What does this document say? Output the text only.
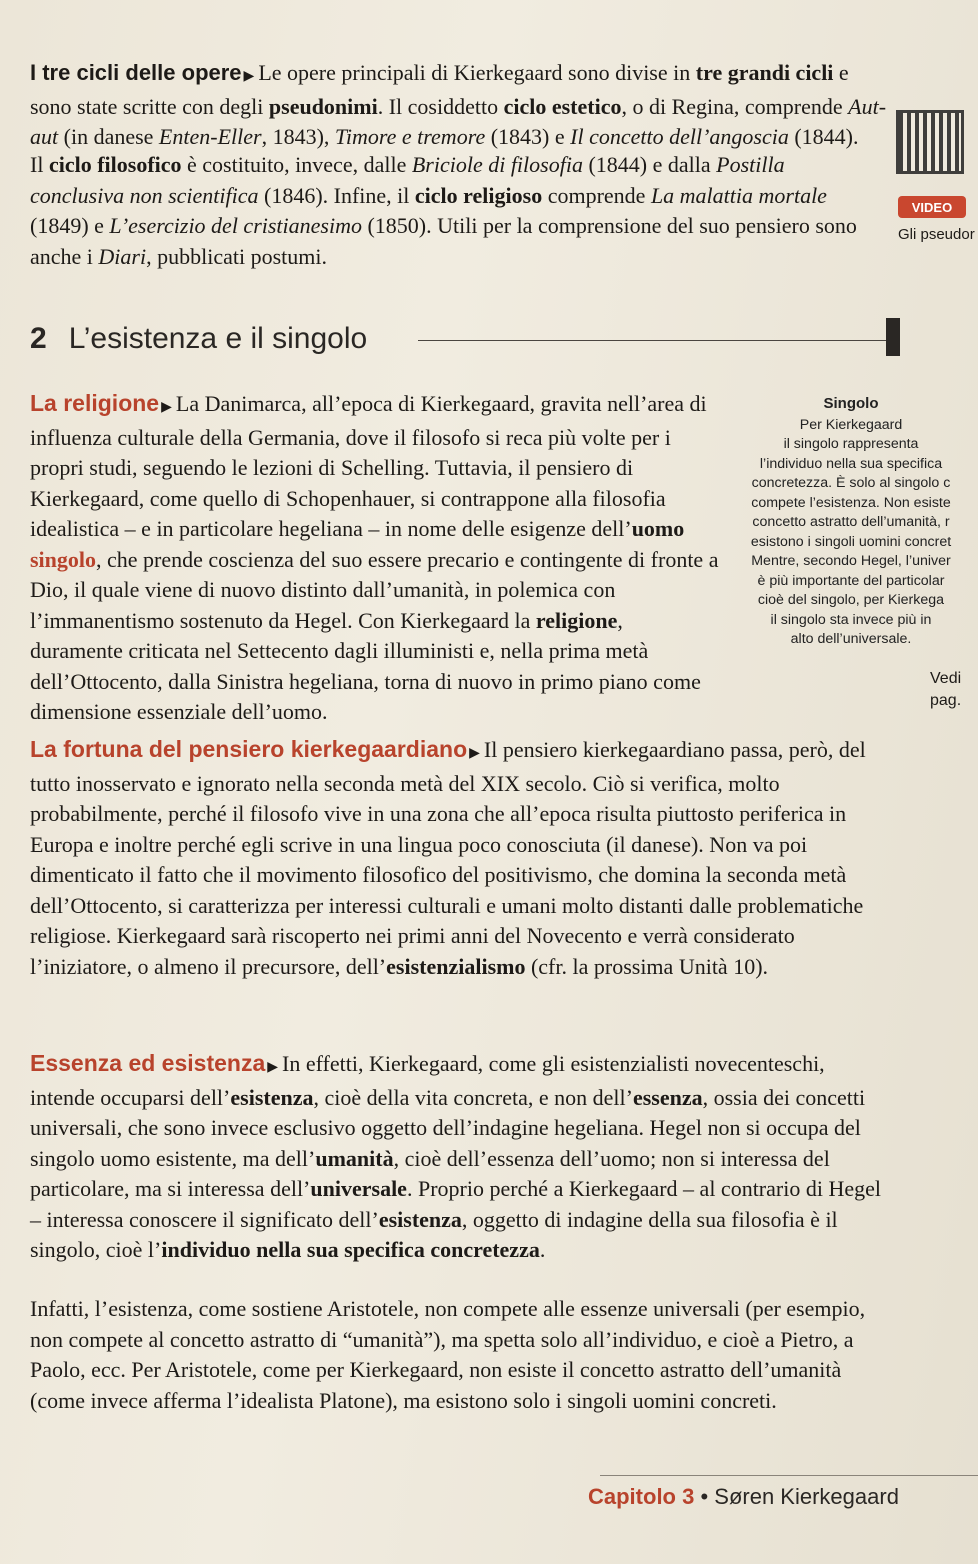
I tre cicli delle opere ▶ Le opere principali di Kierkegaard sono divise in tre grandi cicli e sono state scritte con degli pseudonimi. Il cosiddetto ciclo estetico, o di Regina, comprende Aut-aut (in danese Enten-Eller, 1843), Timore e tremore (1843) e Il concetto dell’angoscia (1844).
Il ciclo filosofico è costituito, invece, dalle Briciole di filosofia (1844) e dalla Postilla conclusiva non scientifica (1846). Infine, il ciclo religioso comprende La malattia mortale (1849) e L’esercizio del cristianesimo (1850). Utili per la comprensione del suo pensiero sono anche i Diari, pubblicati postumi.
VIDEO
Gli pseudor
2 L’esistenza e il singolo
La religione ▶ La Danimarca, all’epoca di Kierkegaard, gravita nell’area di influenza culturale della Germania, dove il filosofo si reca più volte per i propri studi, seguendo le lezioni di Schelling. Tuttavia, il pensiero di Kierkegaard, come quello di Schopenhauer, si contrappone alla filosofia idealistica – e in particolare hegeliana – in nome delle esigenze dell’uomo singolo, che prende coscienza del suo essere precario e contingente di fronte a Dio, il quale viene di nuovo distinto dall’umanità, in polemica con l’immanentismo sostenuto da Hegel. Con Kierkegaard la religione, duramente criticata nel Settecento dagli illuministi e, nella prima metà dell’Ottocento, dalla Sinistra hegeliana, torna di nuovo in primo piano come dimensione essenziale dell’uomo.
Singolo
Per Kierkegaard
il singolo rappresenta
l’individuo nella sua specifica
concretezza. È solo al singolo c
compete l’esistenza. Non esiste
concetto astratto dell’umanità, r
esistono i singoli uomini concret
Mentre, secondo Hegel, l’univer
è più importante del particolar
cioè del singolo, per Kierkega
il singolo sta invece più in
alto dell’universale.
Vedi
pag.
La fortuna del pensiero kierkegaardiano ▶ Il pensiero kierkegaardiano passa, però, del tutto inosservato e ignorato nella seconda metà del XIX secolo. Ciò si verifica, molto probabilmente, perché il filosofo vive in una zona che all’epoca risulta piuttosto periferica in Europa e inoltre perché egli scrive in una lingua poco conosciuta (il danese). Non va poi dimenticato il fatto che il movimento filosofico del positivismo, che domina la seconda metà dell’Ottocento, si caratterizza per interessi culturali e umani molto distanti dalle problematiche religiose. Kierkegaard sarà riscoperto nei primi anni del Novecento e verrà considerato l’iniziatore, o almeno il precursore, dell’esistenzialismo (cfr. la prossima Unità 10).
Essenza ed esistenza ▶ In effetti, Kierkegaard, come gli esistenzialisti novecenteschi, intende occuparsi dell’esistenza, cioè della vita concreta, e non dell’essenza, ossia dei concetti universali, che sono invece esclusivo oggetto dell’indagine hegeliana. Hegel non si occupa del singolo uomo esistente, ma dell’umanità, cioè dell’essenza dell’uomo; non si interessa del particolare, ma si interessa dell’universale. Proprio perché a Kierkegaard – al contrario di Hegel – interessa conoscere il significato dell’esistenza, oggetto di indagine della sua filosofia è il singolo, cioè l’individuo nella sua specifica concretezza.
Infatti, l’esistenza, come sostiene Aristotele, non compete alle essenze universali (per esempio, non compete al concetto astratto di “umanità”), ma spetta solo all’individuo, e cioè a Pietro, a Paolo, ecc. Per Aristotele, come per Kierkegaard, non esiste il concetto astratto dell’umanità (come invece afferma l’idealista Platone), ma esistono solo i singoli uomini concreti.
Capitolo 3 • Søren Kierkegaard
